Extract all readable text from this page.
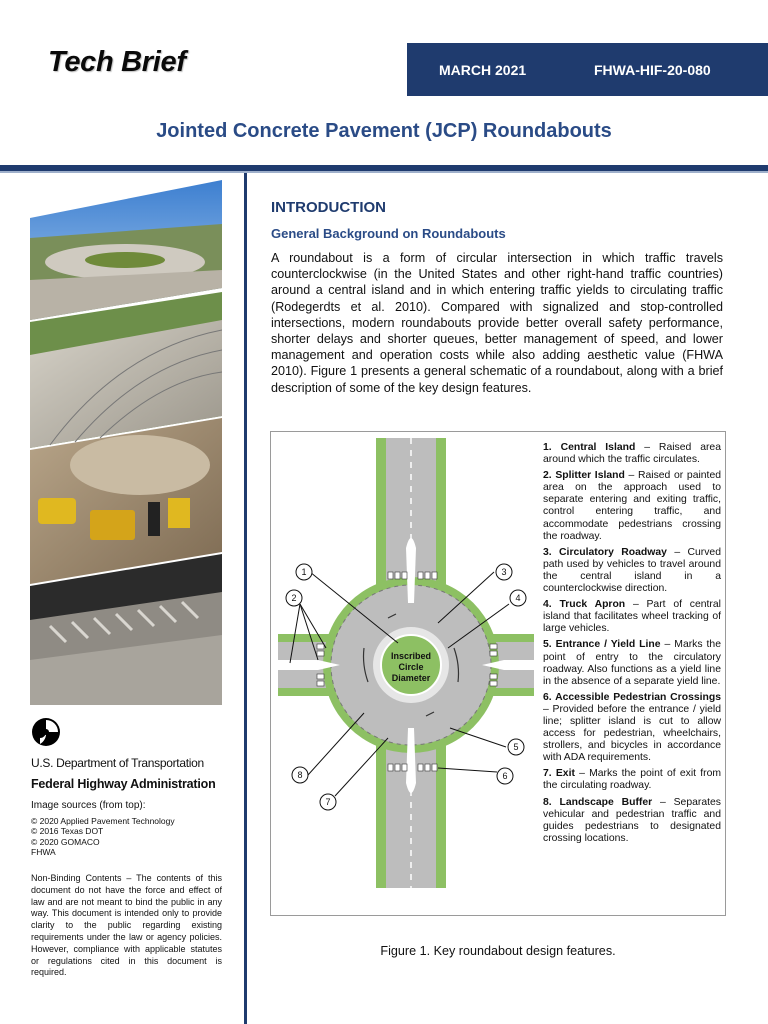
Tech Brief	MARCH 2021	FHWA-HIF-20-080
Jointed Concrete Pavement (JCP) Roundabouts
U.S. Department of Transportation
Federal Highway Administration
Image sources (from top):
© 2020 Applied Pavement Technology
© 2016 Texas DOT
© 2020 GOMACO
FHWA
Non-Binding Contents – The contents of this document do not have the force and effect of law and are not meant to bind the public in any way. This document is intended only to provide clarity to the public regarding existing requirements under the law or agency policies. However, compliance with applicable statutes or regulations cited in this document is required.
INTRODUCTION
General Background on Roundabouts
A roundabout is a form of circular intersection in which traffic travels counterclockwise (in the United States and other right-hand traffic countries) around a central island and in which entering traffic yields to circulating traffic (Rodegerdts et al. 2010). Compared with signalized and stop-controlled intersections, modern roundabouts provide better overall safety performance, shorter delays and shorter queues, better management of speed, and lower management and operation costs while also adding aesthetic value (FHWA 2010). Figure 1 presents a general schematic of a roundabout, along with a brief description of some of the key design features.
Inscribed
Circle
Diameter
1
2
3
4
5
6
7
8

1. Central Island – Raised area around which the traffic circulates.

2. Splitter Island – Raised or painted area on the approach used to separate entering and exiting traffic, control entering traffic, and accommodate pedestrians crossing the roadway.

3. Circulatory Roadway – Curved path used by vehicles to travel around the central island in a counterclockwise direction.

4. Truck Apron – Part of central island that facilitates wheel tracking of large vehicles.

5. Entrance / Yield Line – Marks the point of entry to the circulatory roadway. Also functions as a yield line in the absence of a separate yield line.

6. Accessible Pedestrian Crossings – Provided before the entrance / yield line; splitter island is cut to allow access for pedestrian, wheelchairs, strollers, and bicycles in accordance with ADA requirements.

7. Exit – Marks the point of exit from the circulating roadway.

8. Landscape Buffer – Separates vehicular and pedestrian traffic and guides pedestrians to designated crossing locations.

Figure 1. Key roundabout design features.
